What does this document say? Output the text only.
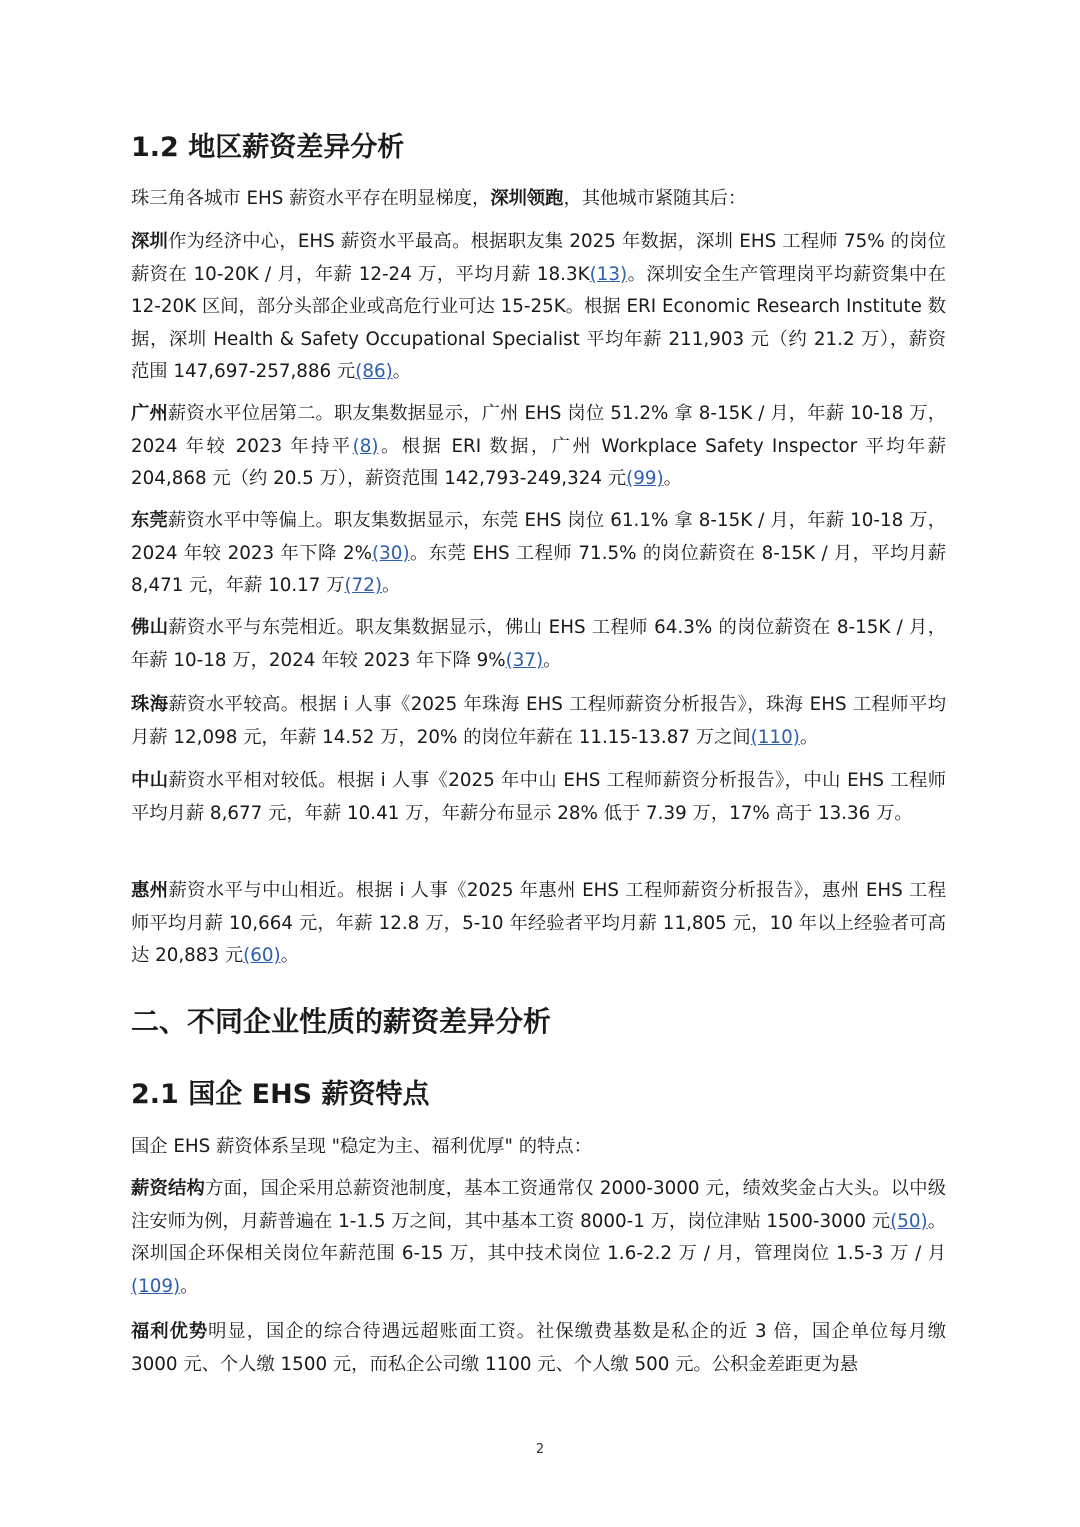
1.2 地区薪资差异分析

珠三角各城市 EHS 薪资水平存在明显梯度，深圳领跑，其他城市紧随其后：

深圳作为经济中心，EHS 薪资水平最高。根据职友集 2025 年数据，深圳 EHS 工程师 75% 的岗位薪资在 10-20K / 月，年薪 12-24 万，平均月薪 18.3K(13)。深圳安全生产管理岗平均薪资集中在 12-20K 区间，部分头部企业或高危行业可达 15-25K。根据 ERI Economic Research Institute 数据，深圳 Health & Safety Occupational Specialist 平均年薪 211,903 元（约 21.2 万），薪资范围 147,697-257,886 元(86)。

广州薪资水平位居第二。职友集数据显示，广州 EHS 岗位 51.2% 拿 8-15K / 月，年薪 10-18 万，2024 年较 2023 年持平(8)。根据 ERI 数据，广州 Workplace Safety Inspector 平均年薪 204,868 元（约 20.5 万），薪资范围 142,793-249,324 元(99)。

东莞薪资水平中等偏上。职友集数据显示，东莞 EHS 岗位 61.1% 拿 8-15K / 月，年薪 10-18 万，2024 年较 2023 年下降 2%(30)。东莞 EHS 工程师 71.5% 的岗位薪资在 8-15K / 月，平均月薪 8,471 元，年薪 10.17 万(72)。

佛山薪资水平与东莞相近。职友集数据显示，佛山 EHS 工程师 64.3% 的岗位薪资在 8-15K / 月，年薪 10-18 万，2024 年较 2023 年下降 9%(37)。

珠海薪资水平较高。根据 i 人事《2025 年珠海 EHS 工程师薪资分析报告》，珠海 EHS 工程师平均月薪 12,098 元，年薪 14.52 万，20% 的岗位年薪在 11.15-13.87 万之间(110)。

中山薪资水平相对较低。根据 i 人事《2025 年中山 EHS 工程师薪资分析报告》，中山 EHS 工程师平均月薪 8,677 元，年薪 10.41 万，年薪分布显示 28% 低于 7.39 万，17% 高于 13.36 万。

惠州薪资水平与中山相近。根据 i 人事《2025 年惠州 EHS 工程师薪资分析报告》，惠州 EHS 工程师平均月薪 10,664 元，年薪 12.8 万，5-10 年经验者平均月薪 11,805 元，10 年以上经验者可高达 20,883 元(60)。

二、不同企业性质的薪资差异分析
2.1 国企 EHS 薪资特点

国企 EHS 薪资体系呈现 "稳定为主、福利优厚" 的特点：

薪资结构方面，国企采用总薪资池制度，基本工资通常仅 2000-3000 元，绩效奖金占大头。以中级注安师为例，月薪普遍在 1-1.5 万之间，其中基本工资 8000-1 万，岗位津贴 1500-3000 元(50)。深圳国企环保相关岗位年薪范围 6-15 万，其中技术岗位 1.6-2.2 万 / 月，管理岗位 1.5-3 万 / 月(109)。

福利优势明显，国企的综合待遇远超账面工资。社保缴费基数是私企的近 3 倍，国企单位每月缴 3000 元、个人缴 1500 元，而私企公司缴 1100 元、个人缴 500 元。公积金差距更为悬

2
